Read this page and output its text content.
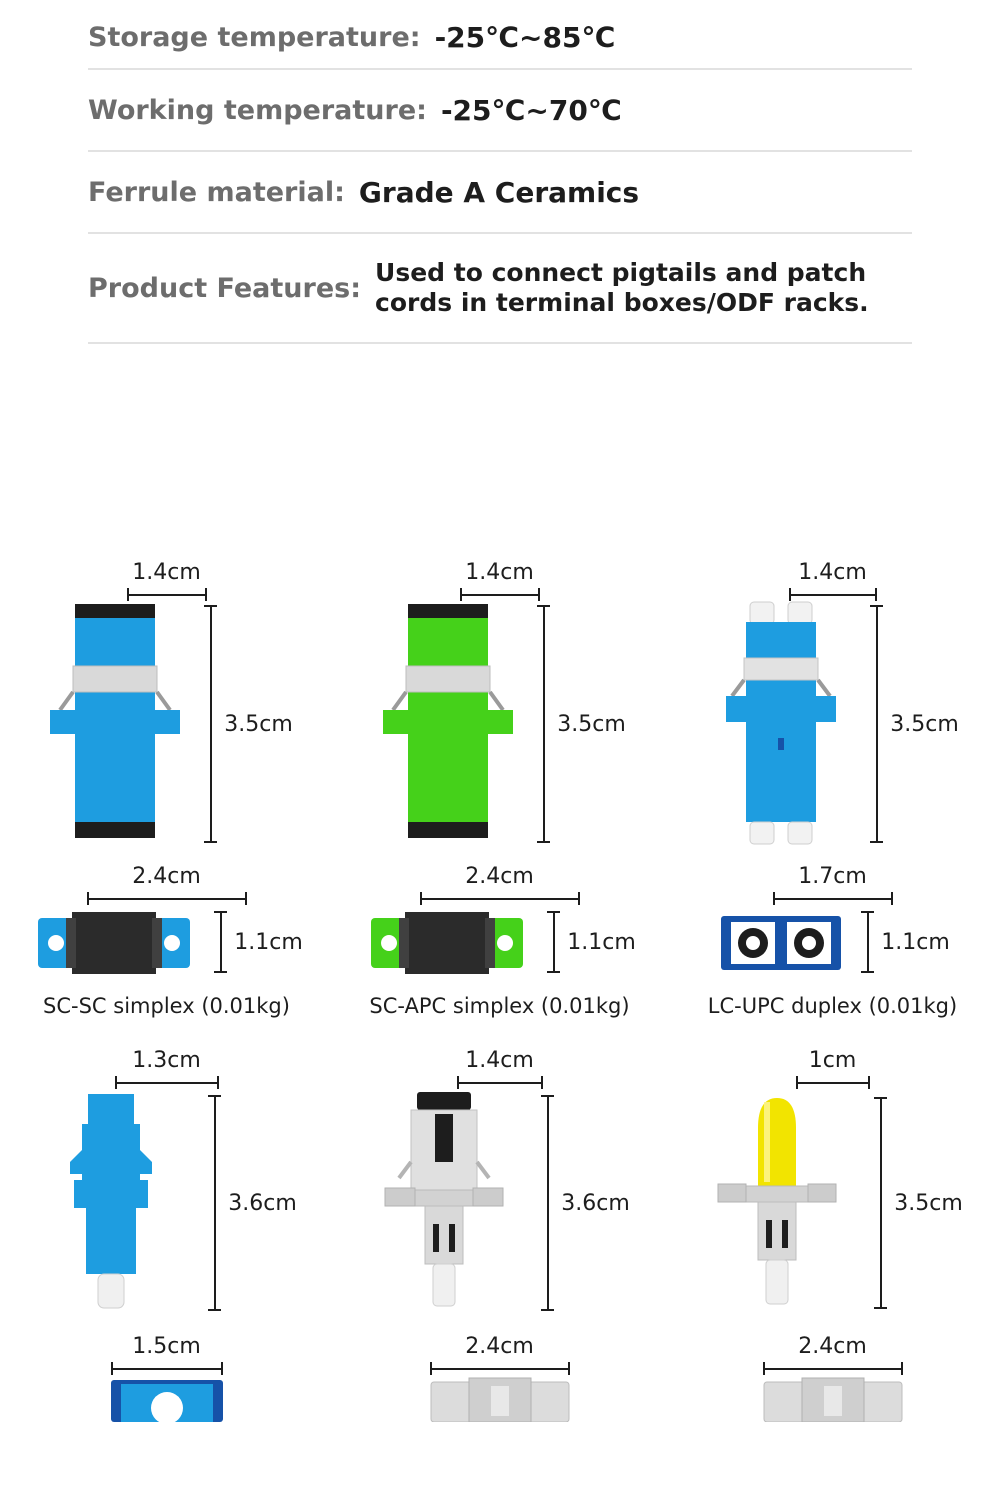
Storage temperature: -25℃~85℃
Working temperature: -25℃~70℃
Ferrule material: Grade A Ceramics
Product Features:
Used to connect pigtails and patch cords in terminal boxes/ODF racks.
1.4cm
3.5cm
2.4cm
1.1cm
SC-SC simplex (0.01kg)
1.4cm
3.5cm
2.4cm
1.1cm
SC-APC simplex (0.01kg)
1.4cm
3.5cm
1.7cm
1.1cm
LC-UPC duplex (0.01kg)
1.3cm
3.6cm
1.5cm
1.4cm
3.6cm
2.4cm
1cm
3.5cm
2.4cm
